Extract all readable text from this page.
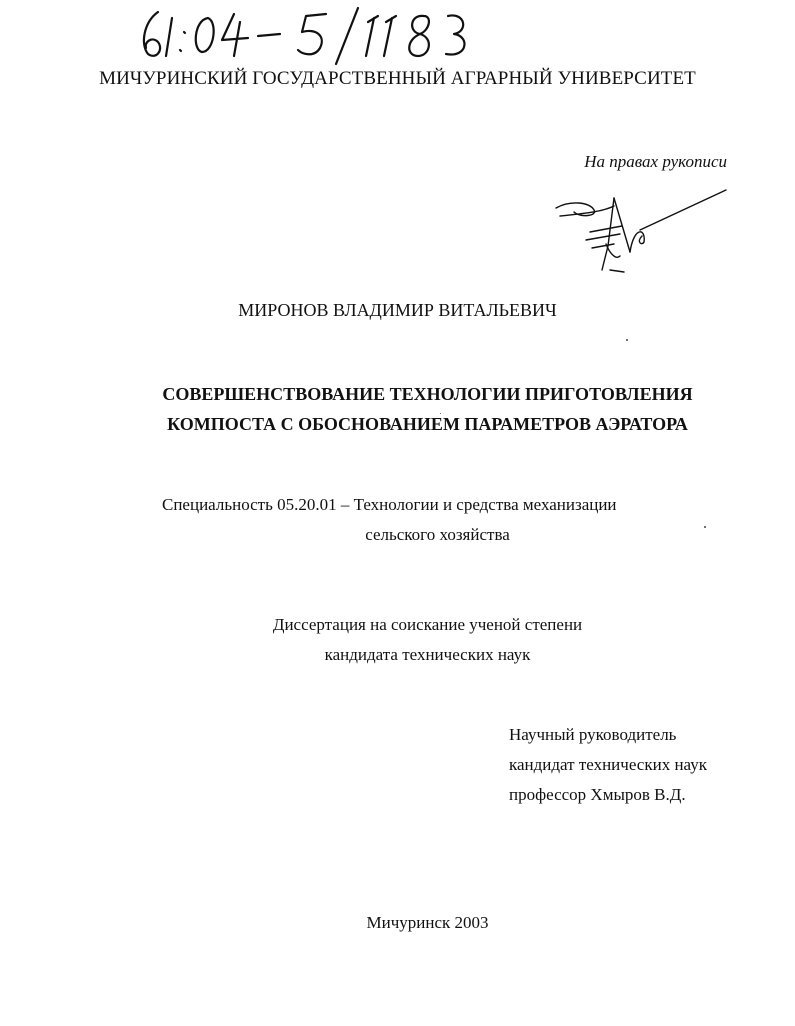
МИЧУРИНСКИЙ ГОСУДАРСТВЕННЫЙ АГРАРНЫЙ УНИВЕРСИТЕТ
На правах рукописи
МИРОНОВ ВЛАДИМИР ВИТАЛЬЕВИЧ
СОВЕРШЕНСТВОВАНИЕ ТЕХНОЛОГИИ ПРИГОТОВЛЕНИЯ
КОМПОСТА С ОБОСНОВАНИЕМ ПАРАМЕТРОВ АЭРАТОРА
Специальность 05.20.01 – Технологии и средства механизации
сельского хозяйства
Диссертация на соискание ученой степени
кандидата технических наук
Научный руководитель
кандидат технических наук
профессор Хмыров В.Д.
Мичуринск 2003
